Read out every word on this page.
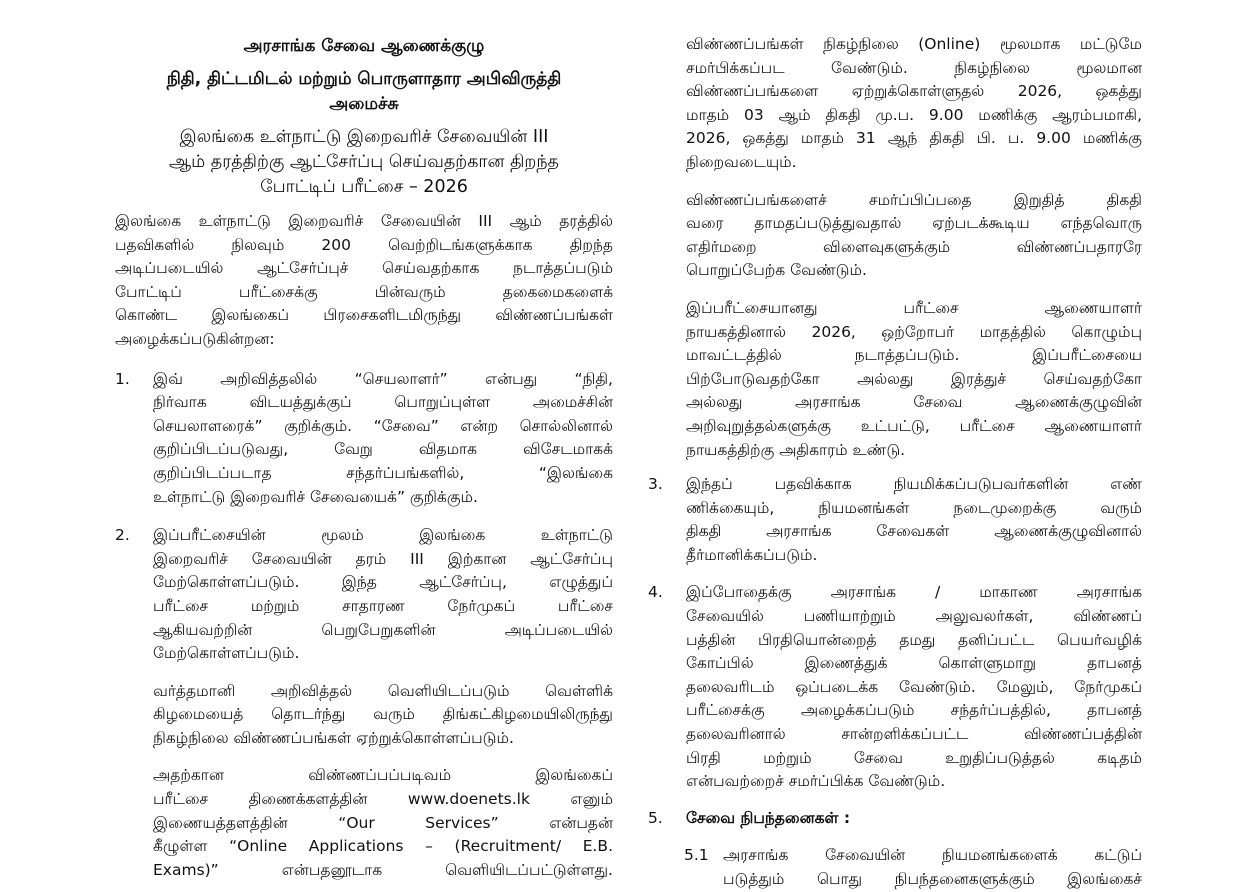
அரசாங்க சேவை ஆணைக்குழு

நிதி, திட்டமிடல் மற்றும் பொருளாதார அபிவிருத்தி

அமைச்சு

இலங்கை உள்நாட்டு இறைவரிச் சேவையின் III

ஆம் தரத்திற்கு ஆட்சேர்ப்பு செய்வதற்கான திறந்த

போட்டிப் பரீட்சை – 2026

இலங்கை உள்நாட்டு இறைவரிச் சேவையின் III ஆம் தரத்தில்

பதவிகளில் நிலவும் 200 வெற்றிடங்களுக்காக திறந்த

அடிப்படையில் ஆட்சேர்ப்புச் செய்வதற்காக நடாத்தப்படும்

போட்டிப் பரீட்சைக்கு பின்வரும் தகைமைகளைக்

கொண்ட இலங்கைப் பிரசைகளிடமிருந்து விண்ணப்பங்கள்

அழைக்கப்படுகின்றன:

1. இவ் அறிவித்தலில் “செயலாளர்” என்பது “நிதி,

நிர்வாக விடயத்துக்குப் பொறுப்புள்ள அமைச்சின்

செயலாளரைக்” குறிக்கும். “சேவை” என்ற சொல்லினால்

குறிப்பிடப்படுவது, வேறு விதமாக விசேடமாகக்

குறிப்பிடப்படாத சந்தர்ப்பங்களில், “இலங்கை

உள்நாட்டு இறைவரிச் சேவையைக்” குறிக்கும்.

2. இப்பரீட்சையின் மூலம் இலங்கை உள்நாட்டு

இறைவரிச் சேவையின் தரம் III இற்கான ஆட்சேர்ப்பு

மேற்கொள்ளப்படும். இந்த ஆட்சேர்ப்பு, எழுத்துப்

பரீட்சை மற்றும் சாதாரண நேர்முகப் பரீட்சை

ஆகியவற்றின் பெறுபேறுகளின் அடிப்படையில்

மேற்கொள்ளப்படும்.

வர்த்தமானி அறிவித்தல் வெளியிடப்படும் வெள்ளிக்

கிழமையைத் தொடர்ந்து வரும் திங்கட்கிழமையிலிருந்து

நிகழ்நிலை விண்ணப்பங்கள் ஏற்றுக்கொள்ளப்படும்.

அதற்கான விண்ணப்பப்படிவம் இலங்கைப்

பரீட்சை திணைக்களத்தின் www.doenets.lk எனும்

இணையத்தளத்தின் “Our Services” என்பதன்

கீழுள்ள “Online Applications – (Recruitment/ E.B.

Exams)” என்பதனூடாக வெளியிடப்பட்டுள்ளது.

விண்ணப்பங்கள் நிகழ்நிலை (Online) மூலமாக மட்டுமே

சமர்பிக்கப்பட வேண்டும். நிகழ்நிலை மூலமான

விண்ணப்பங்களை ஏற்றுக்கொள்ளுதல் 2026, ஒகத்து

மாதம் 03 ஆம் திகதி மு.ப. 9.00 மணிக்கு ஆரம்பமாகி,

2026, ஒகத்து மாதம் 31 ஆந் திகதி பி. ப. 9.00 மணிக்கு

நிறைவடையும்.

விண்ணப்பங்களைச் சமர்ப்பிப்பதை இறுதித் திகதி

வரை தாமதப்படுத்துவதால் ஏற்படக்கூடிய எந்தவொரு

எதிர்மறை விளைவுகளுக்கும் விண்ணப்பதாரரே

பொறுப்பேற்க வேண்டும்.

இப்பரீட்சையானது பரீட்சை ஆணையாளர்

நாயகத்தினால் 2026, ஒற்றோபர் மாதத்தில் கொழும்பு

மாவட்டத்தில் நடாத்தப்படும். இப்பரீட்சையை

பிற்போடுவதற்கோ அல்லது இரத்துச் செய்வதற்கோ

அல்லது அரசாங்க சேவை ஆணைக்குழுவின்

அறிவுறுத்தல்களுக்கு உட்பட்டு, பரீட்சை ஆணையாளர்

நாயகத்திற்கு அதிகாரம் உண்டு.

3. இந்தப் பதவிக்காக நியமிக்கப்படுபவர்களின் எண்

ணிக்கையும், நியமனங்கள் நடைமுறைக்கு வரும்

திகதி அரசாங்க சேவைகள் ஆணைக்குழுவினால்

தீர்மானிக்கப்படும்.

4. இப்போதைக்கு அரசாங்க / மாகாண அரசாங்க

சேவையில் பணியாற்றும் அலுவலர்கள், விண்ணப்

பத்தின் பிரதியொன்றைத் தமது தனிப்பட்ட பெயர்வழிக்

கோப்பில் இணைத்துக் கொள்ளுமாறு தாபனத்

தலைவரிடம் ஒப்படைக்க வேண்டும். மேலும், நேர்முகப்

பரீட்சைக்கு அழைக்கப்படும் சந்தர்ப்பத்தில், தாபனத்

தலைவரினால் சான்றளிக்கப்பட்ட விண்ணப்பத்தின்

பிரதி மற்றும் சேவை உறுதிப்படுத்தல் கடிதம்

என்பவற்றைச் சமர்ப்பிக்க வேண்டும்.

5. சேவை நிபந்தனைகள் :

5.1 அரசாங்க சேவையின் நியமனங்களைக் கட்டுப்

படுத்தும் பொது நிபந்தனைகளுக்கும் இலங்கைச்
